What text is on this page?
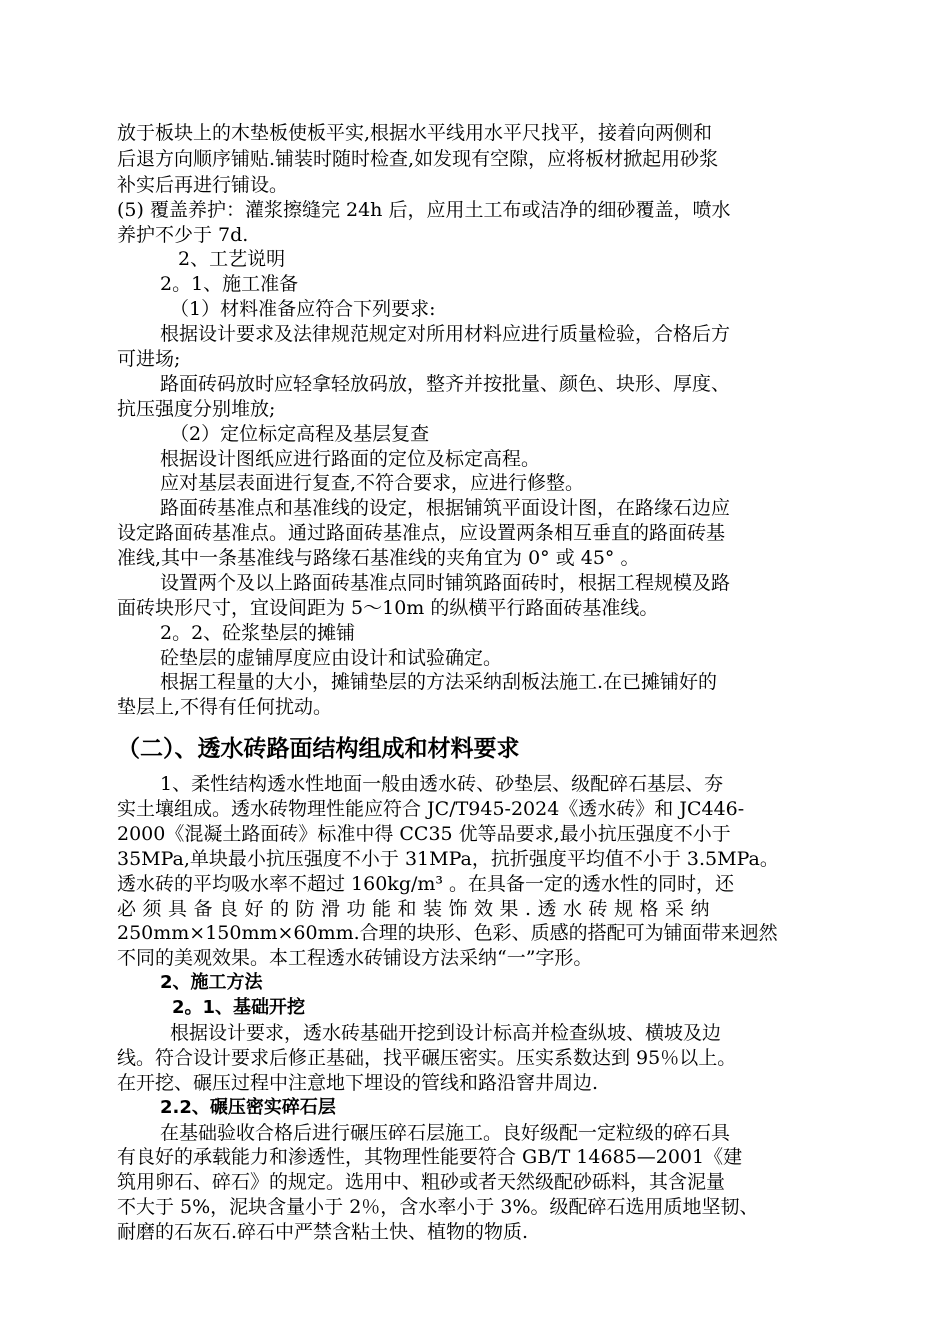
放于板块上的木垫板使板平实,根据水平线用水平尺找平，接着向两侧和
后退方向顺序铺贴.铺装时随时检查,如发现有空隙，应将板材掀起用砂浆
补实后再进行铺设。
(5) 覆盖养护：灌浆擦缝完 24h 后，应用土工布或洁净的细砂覆盖，喷水
养护不少于 7d.
2、工艺说明
2。1、施工准备
（1）材料准备应符合下列要求:
根据设计要求及法律规范规定对所用材料应进行质量检验，合格后方
可进场;
路面砖码放时应轻拿轻放码放，整齐并按批量、颜色、块形、厚度、
抗压强度分别堆放;
（2）定位标定高程及基层复查
根据设计图纸应进行路面的定位及标定高程。
应对基层表面进行复查,不符合要求，应进行修整。
路面砖基准点和基准线的设定，根据铺筑平面设计图，在路缘石边应
设定路面砖基准点。通过路面砖基准点，应设置两条相互垂直的路面砖基
准线,其中一条基准线与路缘石基准线的夹角宜为 0° 或 45° 。
设置两个及以上路面砖基准点同时铺筑路面砖时，根据工程规模及路
面砖块形尺寸，宜设间距为 5～10m 的纵横平行路面砖基准线。
2。2、砼浆垫层的摊铺
砼垫层的虚铺厚度应由设计和试验确定。
根据工程量的大小，摊铺垫层的方法采纳刮板法施工.在已摊铺好的
垫层上,不得有任何扰动。
（二）、透水砖路面结构组成和材料要求
1、柔性结构透水性地面一般由透水砖、砂垫层、级配碎石基层、夯
实土壤组成。透水砖物理性能应符合 JC/T945-2024《透水砖》和 JC446-
2000《混凝土路面砖》标准中得 CC35 优等品要求,最小抗压强度不小于
35MPa,单块最小抗压强度不小于 31MPa，抗折强度平均值不小于 3.5MPa。
透水砖的平均吸水率不超过 160kg/m³ 。在具备一定的透水性的同时，还
必须具备良好的防滑功能和装饰效果.透水砖规格采纳
250mm×150mm×60mm.合理的块形、色彩、质感的搭配可为铺面带来迥然
不同的美观效果。本工程透水砖铺设方法采纳“一”字形。
2、施工方法
2。1、基础开挖
根据设计要求，透水砖基础开挖到设计标高并检查纵坡、横坡及边
线。符合设计要求后修正基础，找平碾压密实。压实系数达到 95％以上。
在开挖、碾压过程中注意地下埋设的管线和路沿窨井周边.
2.2、碾压密实碎石层
在基础验收合格后进行碾压碎石层施工。良好级配一定粒级的碎石具
有良好的承载能力和渗透性，其物理性能要符合 GB/T 14685—2001《建
筑用卵石、碎石》的规定。选用中、粗砂或者天然级配砂砾料，其含泥量
不大于 5%，泥块含量小于 2％，含水率小于 3%。级配碎石选用质地坚韧、
耐磨的石灰石.碎石中严禁含粘土快、植物的物质.
